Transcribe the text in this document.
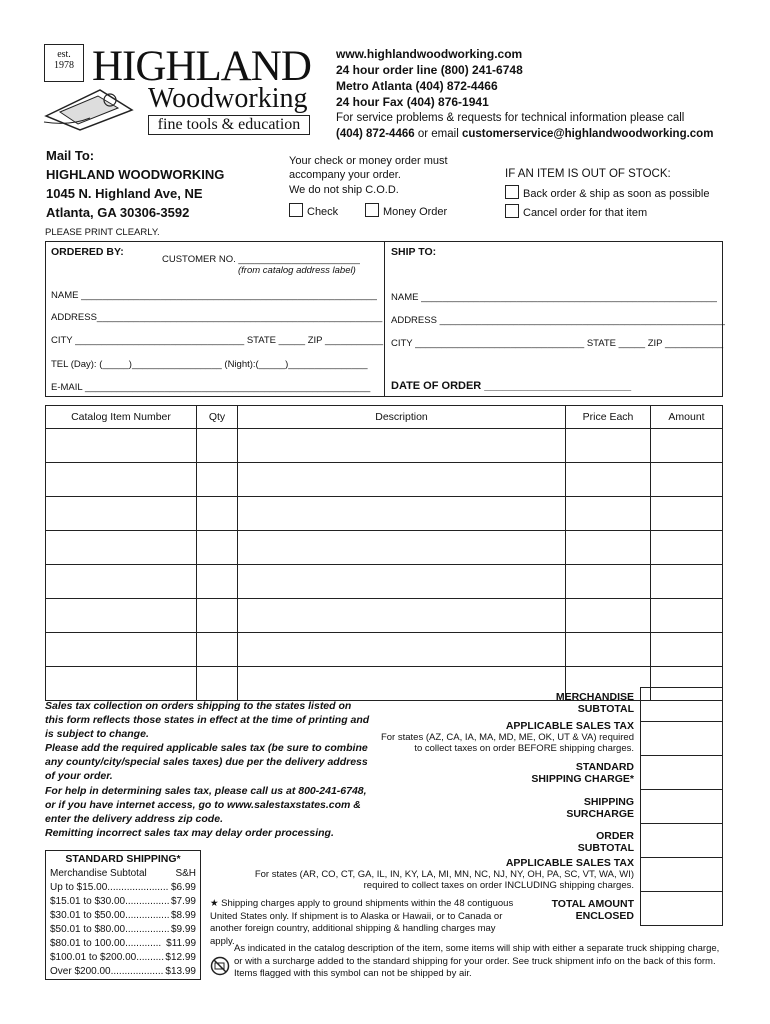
est.
1978 HIGHLAND
Woodworking
fine tools & education
www.highlandwoodworking.com
24 hour order line (800) 241-6748
Metro Atlanta (404) 872-4466
24 hour Fax (404) 876-1941
For service problems & requests for technical information please call
(404) 872-4466 or email customerservice@highlandwoodworking.com
Mail To:
HIGHLAND WOODWORKING
1045 N. Highland Ave, NE
Atlanta, GA 30306-3592
Your check or money order must
accompany your order.
We do not ship C.O.D.
Check	Money Order
IF AN ITEM IS OUT OF STOCK:
Back order & ship as soon as possible
Cancel order for that item
PLEASE PRINT CLEARLY.
ORDERED BY:
CUSTOMER NO. _______________________
(from catalog address label)
NAME ________________________________________________________
ADDRESS______________________________________________________
CITY ________________________________ STATE _____ ZIP ___________
TEL (Day): (_____)_________________ (Night):(_____)_______________
E-MAIL ______________________________________________________
SHIP TO:
NAME ________________________________________________________
ADDRESS ______________________________________________________
CITY ________________________________ STATE _____ ZIP ___________
DATE OF ORDER ________________________
Catalog Item Number	Qty	Description	Price Each	Amount

Sales tax collection on orders shipping to the states listed on this form reflects those states in effect at the time of printing and is subject to change.
Please add the required applicable sales tax (be sure to combine any county/city/special sales taxes) due per the delivery address of your order.
For help in determining sales tax, please call us at 800-241-6748, or if you have internet access, go to www.salestaxstates.com & enter the delivery address zip code.
Remitting incorrect sales tax may delay order processing.
MERCHANDISE
SUBTOTAL
APPLICABLE SALES TAX
For states (AZ, CA, IA, MA, MD, ME, OK, UT & VA) required
to collect taxes on order BEFORE shipping charges.
STANDARD
SHIPPING CHARGE*
SHIPPING
SURCHARGE
ORDER
SUBTOTAL
APPLICABLE SALES TAX
For states (AR, CO, CT, GA, IL, IN, KY, LA, MI, MN, NC, NJ, NY, OH, PA, SC, VT, WA, WI)
required to collect taxes on order INCLUDING shipping charges.
TOTAL AMOUNT
ENCLOSED
STANDARD SHIPPING*
Merchandise Subtotal	S&H
Up to $15.00...................... $6.99
$15.01 to $30.00................ $7.99
$30.01 to $50.00................ $8.99
$50.01 to $80.00................ $9.99
$80.01 to 100.00............. $11.99
$100.01 to $200.00.......... $12.99
Over $200.00................... $13.99
★ Shipping charges apply to ground shipments within the 48 contiguous United States only. If shipment is to Alaska or Hawaii, or to Canada or another foreign country, additional shipping & handling charges may apply.
As indicated in the catalog description of the item, some items will ship with either a separate truck shipping charge, or with a surcharge added to the standard shipping for your order. See truck shipment info on the back of this form. Items flagged with this symbol can not be shipped by air.
